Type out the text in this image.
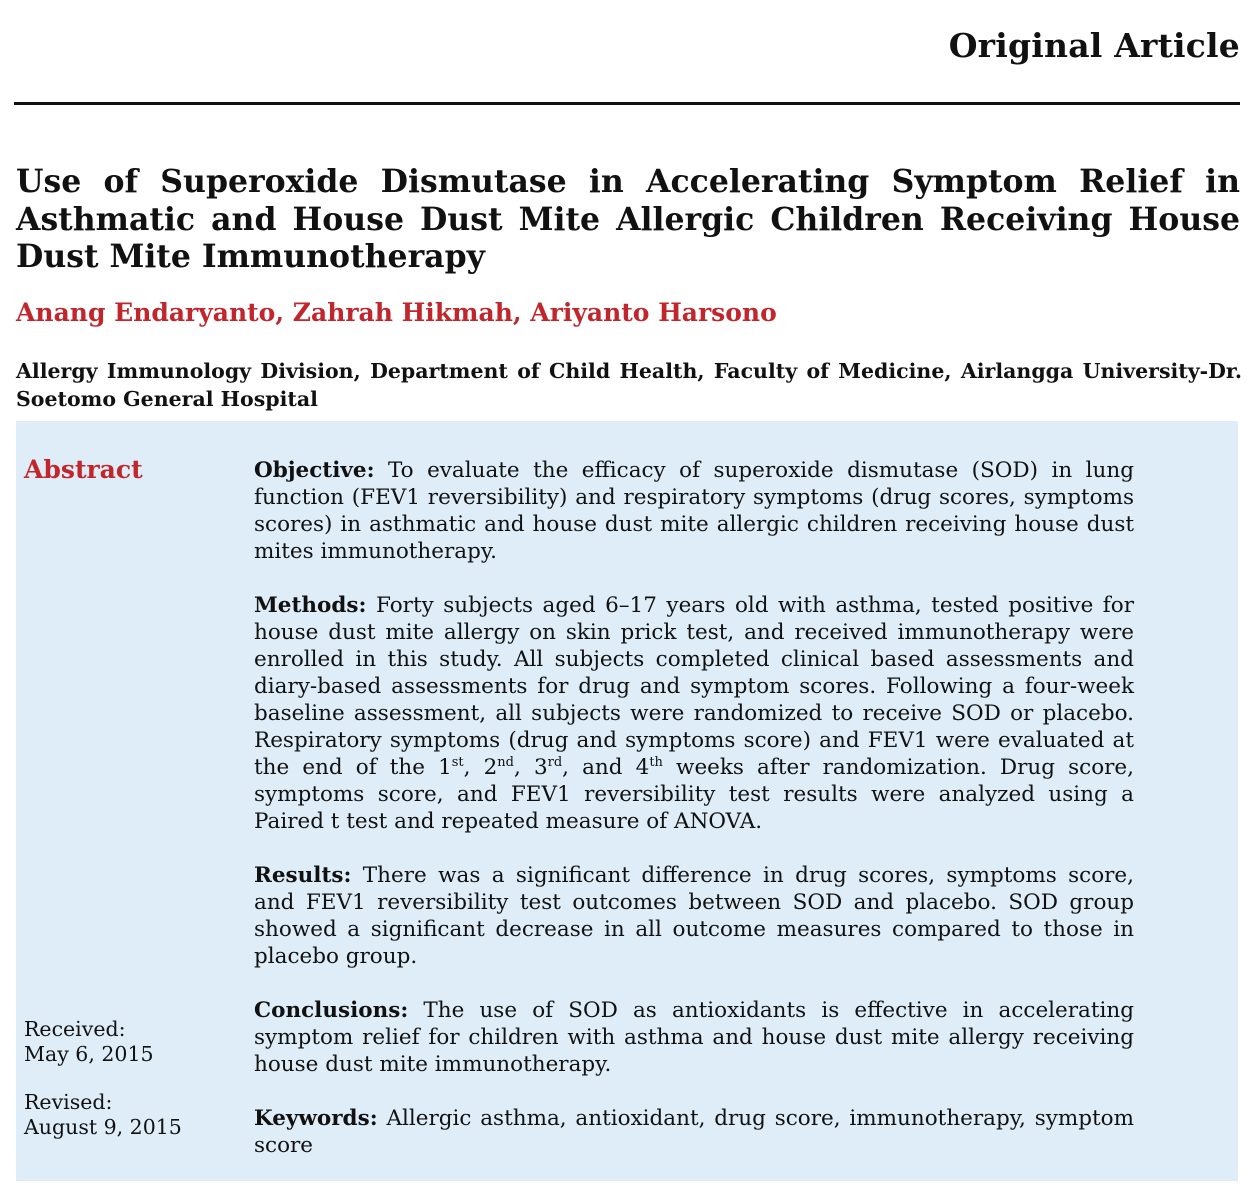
Original Article
Use of Superoxide Dismutase in Accelerating Symptom Relief in Asthmatic and House Dust Mite Allergic Children Receiving House Dust Mite Immunotherapy

Anang Endaryanto, Zahrah Hikmah, Ariyanto Harsono

Allergy Immunology Division, Department of Child Health, Faculty of Medicine, Airlangga University-Dr. Soetomo General Hospital

Abstract
Received:
May 6, 2015
Revised:
August 9, 2015

Objective: To evaluate the efficacy of superoxide dismutase (SOD) in lung function (FEV1 reversibility) and respiratory symptoms (drug scores, symptoms scores) in asthmatic and house dust mite allergic children receiving house dust mites immunotherapy.

Methods: Forty subjects aged 6–17 years old with asthma, tested positive for house dust mite allergy on skin prick test, and received immunotherapy were enrolled in this study. All subjects completed clinical based assessments and diary-based assessments for drug and symptom scores. Following a four-week baseline assessment, all subjects were randomized to receive SOD or placebo. Respiratory symptoms (drug and symptoms score) and FEV1 were evaluated at the end of the 1st, 2nd, 3rd, and 4th weeks after randomization. Drug score, symptoms score, and FEV1 reversibility test results were analyzed using a Paired t test and repeated measure of ANOVA.

Results: There was a significant difference in drug scores, symptoms score, and FEV1 reversibility test outcomes between SOD and placebo. SOD group showed a significant decrease in all outcome measures compared to those in placebo group.

Conclusions: The use of SOD as antioxidants is effective in accelerating symptom relief for children with asthma and house dust mite allergy receiving house dust mite immunotherapy.

Keywords: Allergic asthma, antioxidant, drug score, immunotherapy, symptom score
